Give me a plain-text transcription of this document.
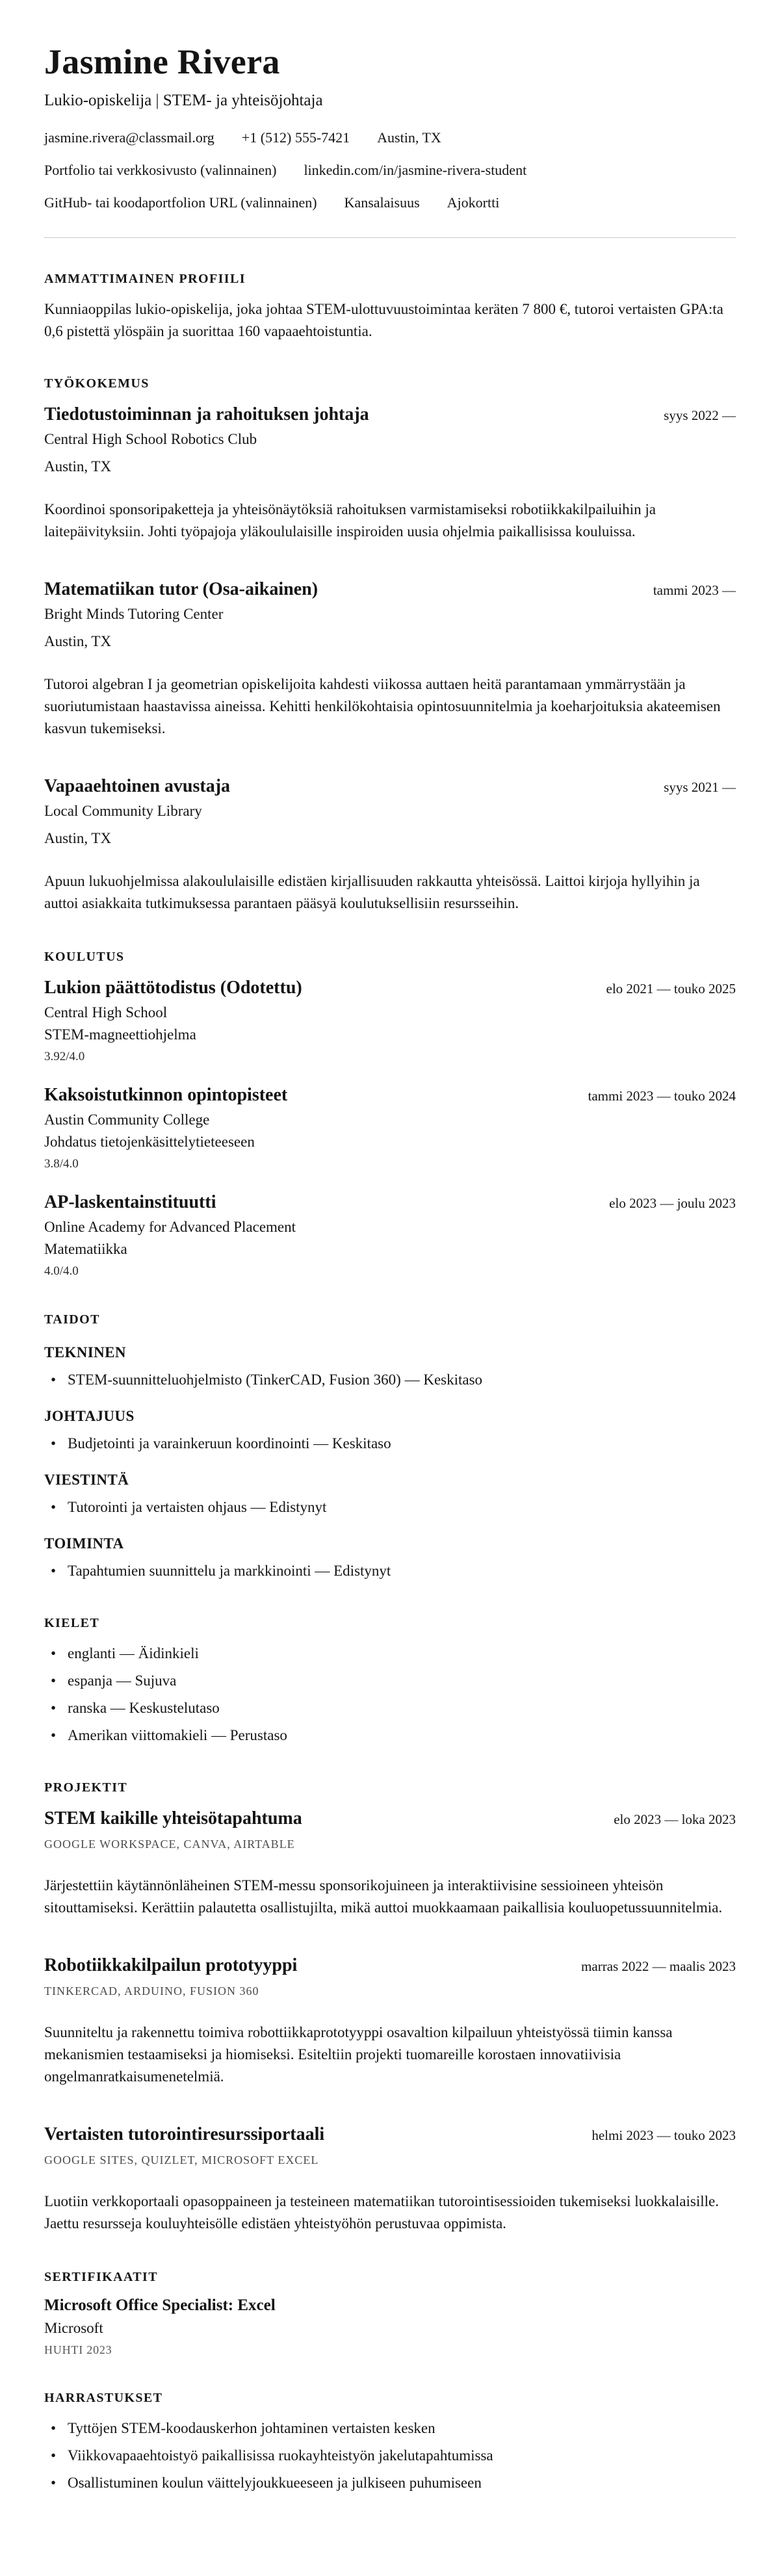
Jasmine Rivera
Lukio-opiskelija | STEM- ja yhteisöjohtaja
jasmine.rivera@classmail.org +1 (512) 555-7421 Austin, TX
Portfolio tai verkkosivusto (valinnainen) linkedin.com/in/jasmine-rivera-student
GitHub- tai koodaportfolion URL (valinnainen) Kansalaisuus Ajokortti
AMMATTIMAINEN PROFIILI

Kunniaoppilas lukio-opiskelija, joka johtaa STEM-ulottuvuustoimintaa keräten 7 800 €, tutoroi vertaisten GPA:ta 0,6 pistettä ylöspäin ja suorittaa 160 vapaaehtoistuntia.

TYÖKOKEMUS
Tiedotustoiminnan ja rahoituksen johtaja	syys 2022 —
Central High School Robotics Club
Austin, TX

Koordinoi sponsoripaketteja ja yhteisönäytöksiä rahoituksen varmistamiseksi robotiikkakilpailuihin ja laitepäivityksiin. Johti työpajoja yläkoululaisille inspiroiden uusia ohjelmia paikallisissa kouluissa.

Matematiikan tutor (Osa-aikainen)	tammi 2023 —
Bright Minds Tutoring Center
Austin, TX

Tutoroi algebran I ja geometrian opiskelijoita kahdesti viikossa auttaen heitä parantamaan ymmärrystään ja suoriutumistaan haastavissa aineissa. Kehitti henkilökohtaisia opintosuunnitelmia ja koeharjoituksia akateemisen kasvun tukemiseksi.

Vapaaehtoinen avustaja	syys 2021 —
Local Community Library
Austin, TX

Apuun lukuohjelmissa alakoululaisille edistäen kirjallisuuden rakkautta yhteisössä. Laittoi kirjoja hyllyihin ja auttoi asiakkaita tutkimuksessa parantaen pääsyä koulutuksellisiin resursseihin.

KOULUTUS
Lukion päättötodistus (Odotettu)	elo 2021 — touko 2025
Central High School
STEM-magneettiohjelma
3.92/4.0
Kaksoistutkinnon opintopisteet	tammi 2023 — touko 2024
Austin Community College
Johdatus tietojenkäsittelytieteeseen
3.8/4.0
AP-laskentainstituutti	elo 2023 — joulu 2023
Online Academy for Advanced Placement
Matematiikka
4.0/4.0
TAIDOT
TEKNINEN
• STEM-suunnitteluohjelmisto (TinkerCAD, Fusion 360) — Keskitaso
JOHTAJUUS
• Budjetointi ja varainkeruun koordinointi — Keskitaso
VIESTINTÄ
• Tutorointi ja vertaisten ohjaus — Edistynyt
TOIMINTA
• Tapahtumien suunnittelu ja markkinointi — Edistynyt
KIELET
• englanti — Äidinkieli
• espanja — Sujuva
• ranska — Keskustelutaso
• Amerikan viittomakieli — Perustaso
PROJEKTIT
STEM kaikille yhteisötapahtuma	elo 2023 — loka 2023
GOOGLE WORKSPACE, CANVA, AIRTABLE

Järjestettiin käytännönläheinen STEM-messu sponsorikojuineen ja interaktiivisine sessioineen yhteisön sitouttamiseksi. Kerättiin palautetta osallistujilta, mikä auttoi muokkaamaan paikallisia kouluopetussuunnitelmia.

Robotiikkakilpailun prototyyppi	marras 2022 — maalis 2023
TINKERCAD, ARDUINO, FUSION 360

Suunniteltu ja rakennettu toimiva robottiikkaprototyyppi osavaltion kilpailuun yhteistyössä tiimin kanssa mekanismien testaamiseksi ja hiomiseksi. Esiteltiin projekti tuomareille korostaen innovatiivisia ongelmanratkaisumenetelmiä.

Vertaisten tutorointiresurssiportaali	helmi 2023 — touko 2023
GOOGLE SITES, QUIZLET, MICROSOFT EXCEL

Luotiin verkkoportaali opasoppaineen ja testeineen matematiikan tutorointisessioiden tukemiseksi luokkalaisille. Jaettu resursseja kouluyhteisölle edistäen yhteistyöhön perustuvaa oppimista.

SERTIFIKAATIT
Microsoft Office Specialist: Excel
Microsoft
HUHTI 2023
HARRASTUKSET
• Tyttöjen STEM-koodauskerhon johtaminen vertaisten kesken
• Viikkovapaaehtoistyö paikallisissa ruokayhteistyön jakelutapahtumissa
• Osallistuminen koulun väittelyjoukkueeseen ja julkiseen puhumiseen
